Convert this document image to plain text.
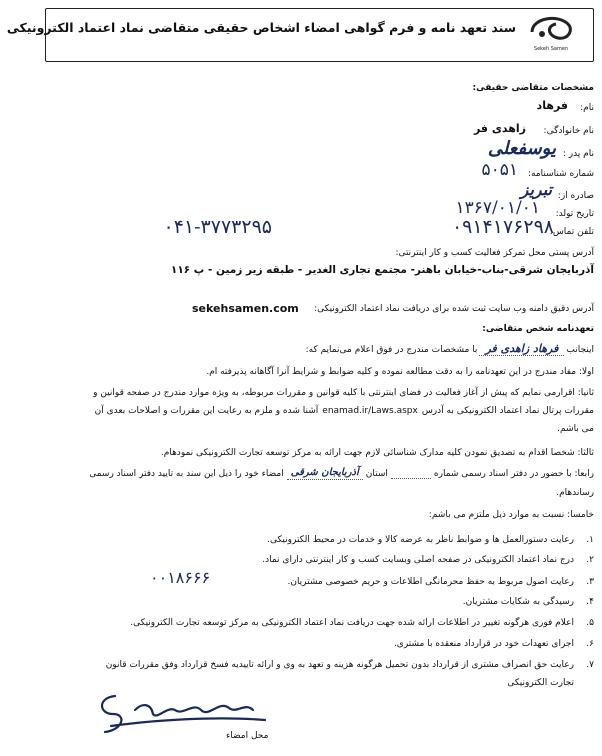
سند تعهد نامه و فرم گواهی امضاء اشخاص حقیقی متقاضی نماد اعتماد الکترونیکی
Sekeh Samen
مشخصات متقاضی حقیقی:
نام:
فرهاد
نام خانوادگی:
زاهدی فر
نام پدر :
یوسفعلی
شماره شناسنامه:
۵۰۵۱
صادره از:
تبریز
تاریخ تولد:
۱۳۶۷/۰۱/۰۱
تلفن تماس:
۰۹۱۴۱۷۶۲۹۸
۰۴۱-۳۷۷۳۲۹۵
آدرس پستی محل تمرکز فعالیت کسب و کار اینترنتی:
آذربایجان شرقی-بناب-خیابان باهنر- مجتمع تجاری الغدیر - طبقه زیر زمین - پ ۱۱۶
آدرس دقیق دامنه وب سایت ثبت شده برای دریافت نماد اعتماد الکترونیکی:
sekehsamen.com
تعهدنامه شخص متقاضی:
اینجانب
فرهاد زاهدی فر
با مشخصات مندرج در فوق اعلام می‌نمایم که:
اولا: مفاد مندرج در این تعهدنامه را به دقت مطالعه نموده و کلیه ضوابط و شرایط آنرا آگاهانه پذیرفته ام.
ثانیا: اقرارمی نمایم که پیش از آغاز فعالیت در فضای اینترنتی با کلیه قوانین و مقررات مربوطه، به ویژه موارد مندرج در صفحه قوانین و
مقررات پرتال نماد اعتماد الکترونیکی به آدرس
enamad.ir/Laws.aspx
آشنا شده و ملزم به رعایت این مقررات و اصلاحات بعدی آن
می باشم.
ثالثا: شخصا اقدام به تصدیق نمودن کلیه مدارک شناسائی لازم جهت ارائه به مرکز توسعه تجارت الکترونیکی نمودهام.
رابعا: با حضور در دفتر اسناد رسمی شماره
استان
آذربایجان شرقی
امضاء خود را ذیل این سند به تایید دفتر اسناد رسمی
رساندهام.
خامسا: نسبت به موارد ذیل ملتزم می باشم:
.۱
رعایت دستورالعمل ها و ضوابط ناظر به عرضه کالا و خدمات در محیط الکترونیکی.
.۲
درج نماد اعتماد الکترونیکی در صفحه اصلی وبسایت کسب و کار اینترنتی دارای نماد.
.۳
رعایت اصول مربوط به حفظ محرمانگی اطلاعات و حریم خصوصی مشتریان.
۰۰۱۸۶۶۶
.۴
رسیدگی به شکایات مشتریان.
.۵
اعلام فوری هرگونه تغییر در اطلاعات ارائه شده جهت دریافت نماد اعتماد الکترونیکی به مرکز توسعه تجارت الکترونیکی.
.۶
اجرای تعهدات خود در قرارداد منعقده با مشتری.
.۷
رعایت حق انصراف مشتری از قرارداد بدون تحمیل هرگونه هزینه و تعهد به وی و ارائه تاییدیه فسخ قرارداد وفق مقررات قانون
تجارت الکترونیکی
محل امضاء
